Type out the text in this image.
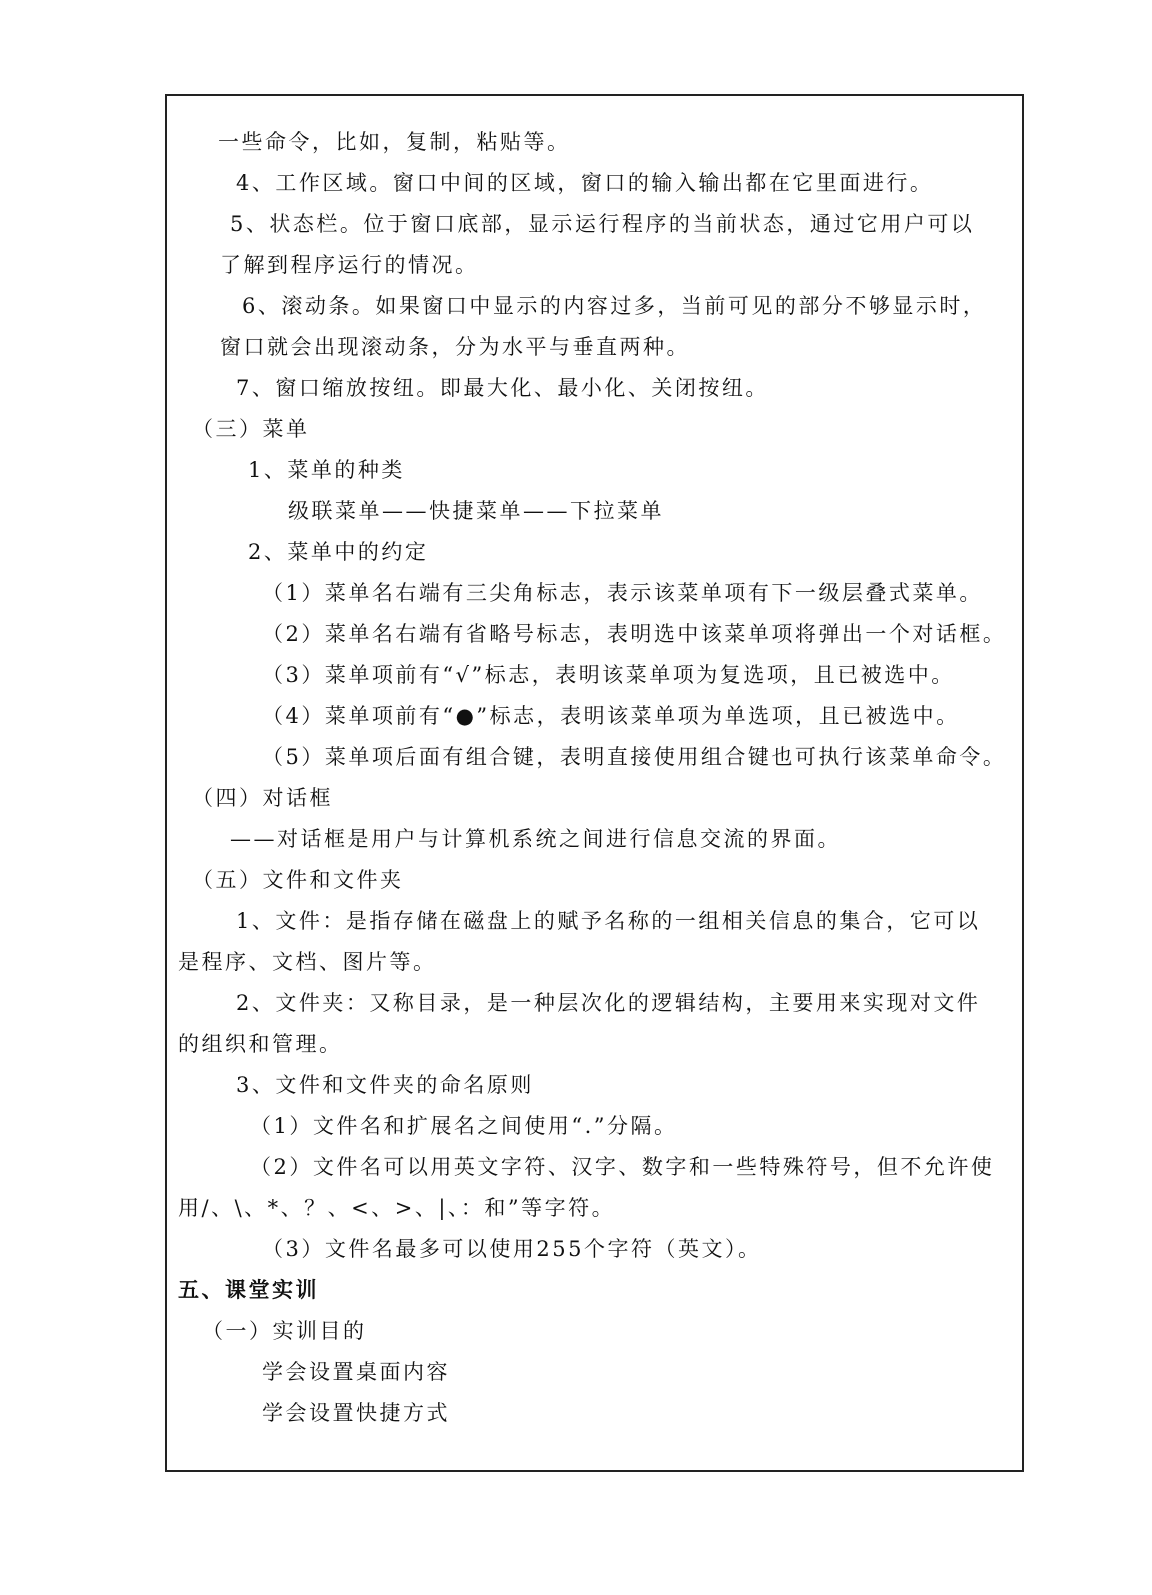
一些命令，比如，复制，粘贴等。
4、工作区域。窗口中间的区域，窗口的输入输出都在它里面进行。
5、状态栏。位于窗口底部，显示运行程序的当前状态，通过它用户可以
了解到程序运行的情况。
6、滚动条。如果窗口中显示的内容过多，当前可见的部分不够显示时，
窗口就会出现滚动条，分为水平与垂直两种。
7、窗口缩放按纽。即最大化、最小化、关闭按纽。
（三）菜单
1、菜单的种类
级联菜单——快捷菜单——下拉菜单
2、菜单中的约定
（1）菜单名右端有三尖角标志，表示该菜单项有下一级层叠式菜单。
（2）菜单名右端有省略号标志，表明选中该菜单项将弹出一个对话框。
（3）菜单项前有“√”标志，表明该菜单项为复选项，且已被选中。
（4）菜单项前有“●”标志，表明该菜单项为单选项，且已被选中。
（5）菜单项后面有组合键，表明直接使用组合键也可执行该菜单命令。
（四）对话框
——对话框是用户与计算机系统之间进行信息交流的界面。
（五）文件和文件夹
1、文件：是指存储在磁盘上的赋予名称的一组相关信息的集合，它可以
是程序、文档、图片等。
2、文件夹：又称目录，是一种层次化的逻辑结构，主要用来实现对文件
的组织和管理。
3、文件和文件夹的命名原则
（1）文件名和扩展名之间使用“.”分隔。
（2）文件名可以用英文字符、汉字、数字和一些特殊符号，但不允许使
用/、\、*、？、<、>、|、：和”等字符。
（3）文件名最多可以使用255个字符（英文）。
五、课堂实训
（一）实训目的
学会设置桌面内容
学会设置快捷方式
